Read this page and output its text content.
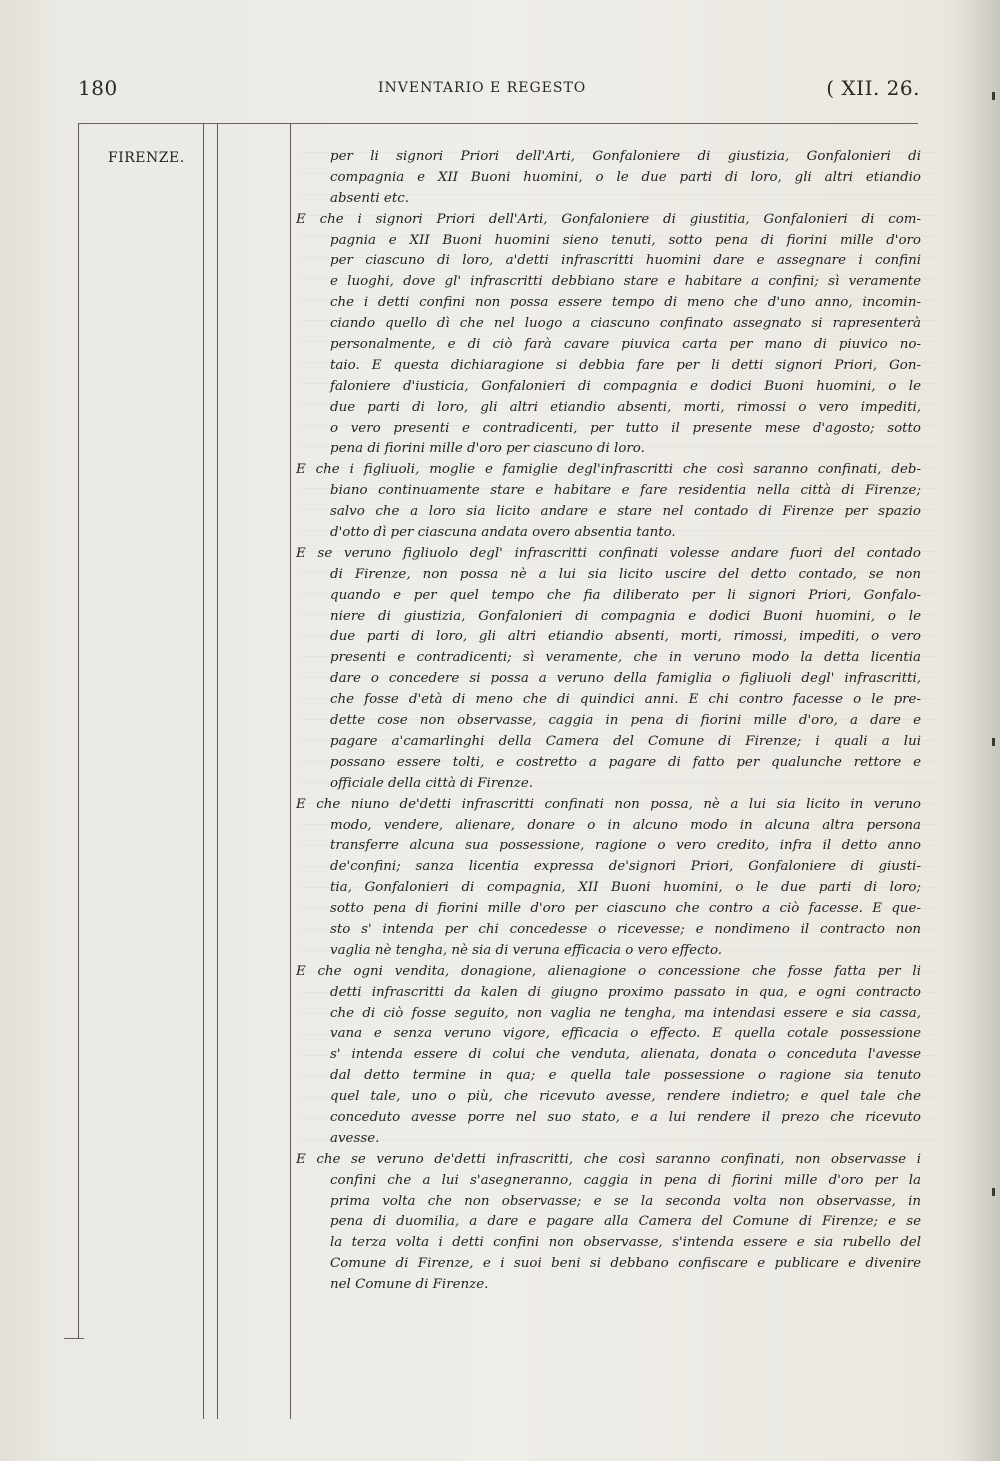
180	INVENTARIO E REGESTO	( XII. 26.
FIRENZE.	per li signori Priori dell'Arti, Gonfaloniere di giustizia, Gonfalonieri di
compagnia e XII Buoni huomini, o le due parti di loro, gli altri etiandio
absenti etc.
E che i signori Priori dell'Arti, Gonfaloniere di giustitia, Gonfalonieri di com-
pagnia e XII Buoni huomini sieno tenuti, sotto pena di fiorini mille d'oro
per ciascuno di loro, a'detti infrascritti huomini dare e assegnare i confini
e luoghi, dove gl' infrascritti debbiano stare e habitare a confini; sì veramente
che i detti confini non possa essere tempo di meno che d'uno anno, incomin-
ciando quello dì che nel luogo a ciascuno confinato assegnato si rapresenterà
personalmente, e di ciò farà cavare piuvica carta per mano di piuvico no-
taio. E questa dichiaragione si debbia fare per li detti signori Priori, Gon-
faloniere d'iusticia, Gonfalonieri di compagnia e dodici Buoni huomini, o le
due parti di loro, gli altri etiandio absenti, morti, rimossi o vero impediti,
o vero presenti e contradicenti, per tutto il presente mese d'agosto; sotto
pena di fiorini mille d'oro per ciascuno di loro.
E che i figliuoli, moglie e famiglie degl'infrascritti che così saranno confinati, deb-
biano continuamente stare e habitare e fare residentia nella città di Firenze;
salvo che a loro sia licito andare e stare nel contado di Firenze per spazio
d'otto dì per ciascuna andata overo absentia tanto.
E se veruno figliuolo degl' infrascritti confinati volesse andare fuori del contado
di Firenze, non possa nè a lui sia licito uscire del detto contado, se non
quando e per quel tempo che fia diliberato per li signori Priori, Gonfalo-
niere di giustizia, Gonfalonieri di compagnia e dodici Buoni huomini, o le
due parti di loro, gli altri etiandio absenti, morti, rimossi, impediti, o vero
presenti e contradicenti; sì veramente, che in veruno modo la detta licentia
dare o concedere si possa a veruno della famiglia o figliuoli degl' infrascritti,
che fosse d'età di meno che di quindici anni. E chi contro facesse o le pre-
dette cose non observasse, caggia in pena di fiorini mille d'oro, a dare e
pagare a'camarlinghi della Camera del Comune di Firenze; i quali a lui
possano essere tolti, e costretto a pagare di fatto per qualunche rettore e
officiale della città di Firenze.
E che niuno de'detti infrascritti confinati non possa, nè a lui sia licito in veruno
modo, vendere, alienare, donare o in alcuno modo in alcuna altra persona
transferre alcuna sua possessione, ragione o vero credito, infra il detto anno
de'confini; sanza licentia expressa de'signori Priori, Gonfaloniere di giusti-
tia, Gonfalonieri di compagnia, XII Buoni huomini, o le due parti di loro;
sotto pena di fiorini mille d'oro per ciascuno che contro a ciò facesse. E que-
sto s' intenda per chi concedesse o ricevesse; e nondimeno il contracto non
vaglia nè tengha, nè sia di veruna efficacia o vero effecto.
E che ogni vendita, donagione, alienagione o concessione che fosse fatta per li
detti infrascritti da kalen di giugno proximo passato in qua, e ogni contracto
che di ciò fosse seguito, non vaglia ne tengha, ma intendasi essere e sia cassa,
vana e senza veruno vigore, efficacia o effecto. E quella cotale possessione
s' intenda essere di colui che venduta, alienata, donata o conceduta l'avesse
dal detto termine in qua; e quella tale possessione o ragione sia tenuto
quel tale, uno o più, che ricevuto avesse, rendere indietro; e quel tale che
conceduto avesse porre nel suo stato, e a lui rendere il prezo che ricevuto
avesse.
E che se veruno de'detti infrascritti, che così saranno confinati, non observasse i
confini che a lui s'asegneranno, caggia in pena di fiorini mille d'oro per la
prima volta che non observasse; e se la seconda volta non observasse, in
pena di duomilia, a dare e pagare alla Camera del Comune di Firenze; e se
la terza volta i detti confini non observasse, s'intenda essere e sia rubello del
Comune di Firenze, e i suoi beni si debbano confiscare e publicare e divenire
nel Comune di Firenze.
